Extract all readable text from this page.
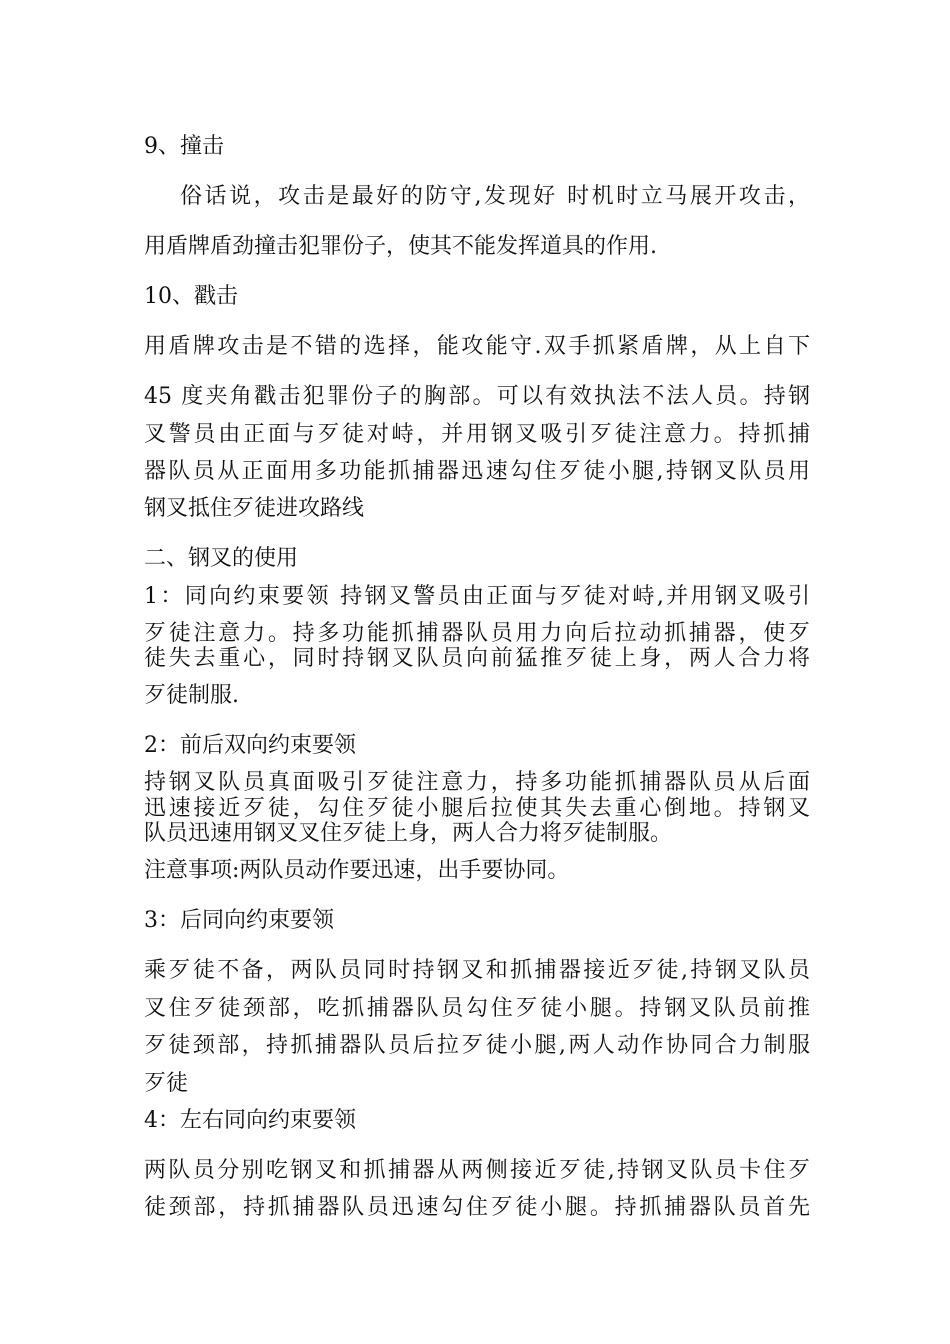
9、撞击
俗话说，攻击是最好的防守,发现好 时机时立马展开攻击，
用盾牌盾劲撞击犯罪份子，使其不能发挥道具的作用.
10、戳击
用盾牌攻击是不错的选择，能攻能守.双手抓紧盾牌，从上自下
45 度夹角戳击犯罪份子的胸部。可以有效执法不法人员。持钢
叉警员由正面与歹徒对峙，并用钢叉吸引歹徒注意力。持抓捕
器队员从正面用多功能抓捕器迅速勾住歹徒小腿,持钢叉队员用
钢叉抵住歹徒进攻路线
二、钢叉的使用
1：同向约束要领 持钢叉警员由正面与歹徒对峙,并用钢叉吸引
歹徒注意力。持多功能抓捕器队员用力向后拉动抓捕器，使歹
徒失去重心，同时持钢叉队员向前猛推歹徒上身，两人合力将
歹徒制服.
2：前后双向约束要领
持钢叉队员真面吸引歹徒注意力，持多功能抓捕器队员从后面
迅速接近歹徒，勾住歹徒小腿后拉使其失去重心倒地。持钢叉
队员迅速用钢叉叉住歹徒上身，两人合力将歹徒制服。
注意事项:两队员动作要迅速，出手要协同。
3：后同向约束要领
乘歹徒不备，两队员同时持钢叉和抓捕器接近歹徒,持钢叉队员
叉住歹徒颈部，吃抓捕器队员勾住歹徒小腿。持钢叉队员前推
歹徒颈部，持抓捕器队员后拉歹徒小腿,两人动作协同合力制服
歹徒
4：左右同向约束要领
两队员分别吃钢叉和抓捕器从两侧接近歹徒,持钢叉队员卡住歹
徒颈部，持抓捕器队员迅速勾住歹徒小腿。持抓捕器队员首先
